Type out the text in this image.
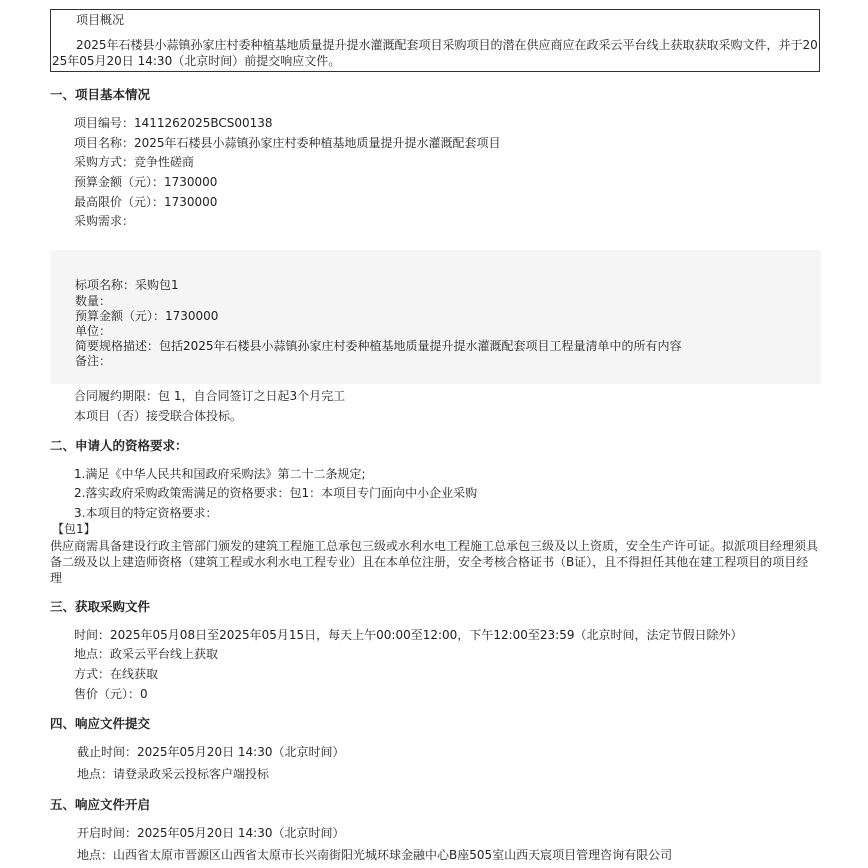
项目概况
2025年石楼县小蒜镇孙家庄村委种植基地质量提升提水灌溉配套项目采购项目的潜在供应商应在政采云平台线上获取获取采购文件，并于20
25年05月20日 14:30（北京时间）前提交响应文件。
一、项目基本情况
项目编号：1411262025BCS00138
项目名称：2025年石楼县小蒜镇孙家庄村委种植基地质量提升提水灌溉配套项目
采购方式：竞争性磋商
预算金额（元）：1730000
最高限价（元）：1730000
采购需求：
标项名称：采购包1
数量：
预算金额（元）：1730000
单位：
简要规格描述：包括2025年石楼县小蒜镇孙家庄村委种植基地质量提升提水灌溉配套项目工程量清单中的所有内容
备注：
合同履约期限：包 1，自合同签订之日起3个月完工
本项目（否）接受联合体投标。
二、申请人的资格要求：
1.满足《中华人民共和国政府采购法》第二十二条规定;
2.落实政府采购政策需满足的资格要求：包1：本项目专门面向中小企业采购
3.本项目的特定资格要求：
【包1】
供应商需具备建设行政主管部门颁发的建筑工程施工总承包三级或水利水电工程施工总承包三级及以上资质，安全生产许可证。拟派项目经理须具
备二级及以上建造师资格（建筑工程或水利水电工程专业）且在本单位注册，安全考核合格证书（B证），且不得担任其他在建工程项目的项目经
理
三、获取采购文件
时间：2025年05月08日至2025年05月15日，每天上午00:00至12:00，下午12:00至23:59（北京时间，法定节假日除外）
地点：政采云平台线上获取
方式：在线获取
售价（元）：0
四、响应文件提交
截止时间：2025年05月20日 14:30（北京时间）
地点：请登录政采云投标客户端投标
五、响应文件开启
开启时间：2025年05月20日 14:30（北京时间）
地点：山西省太原市晋源区山西省太原市长兴南街阳光城环球金融中心B座505室山西天宸项目管理咨询有限公司
